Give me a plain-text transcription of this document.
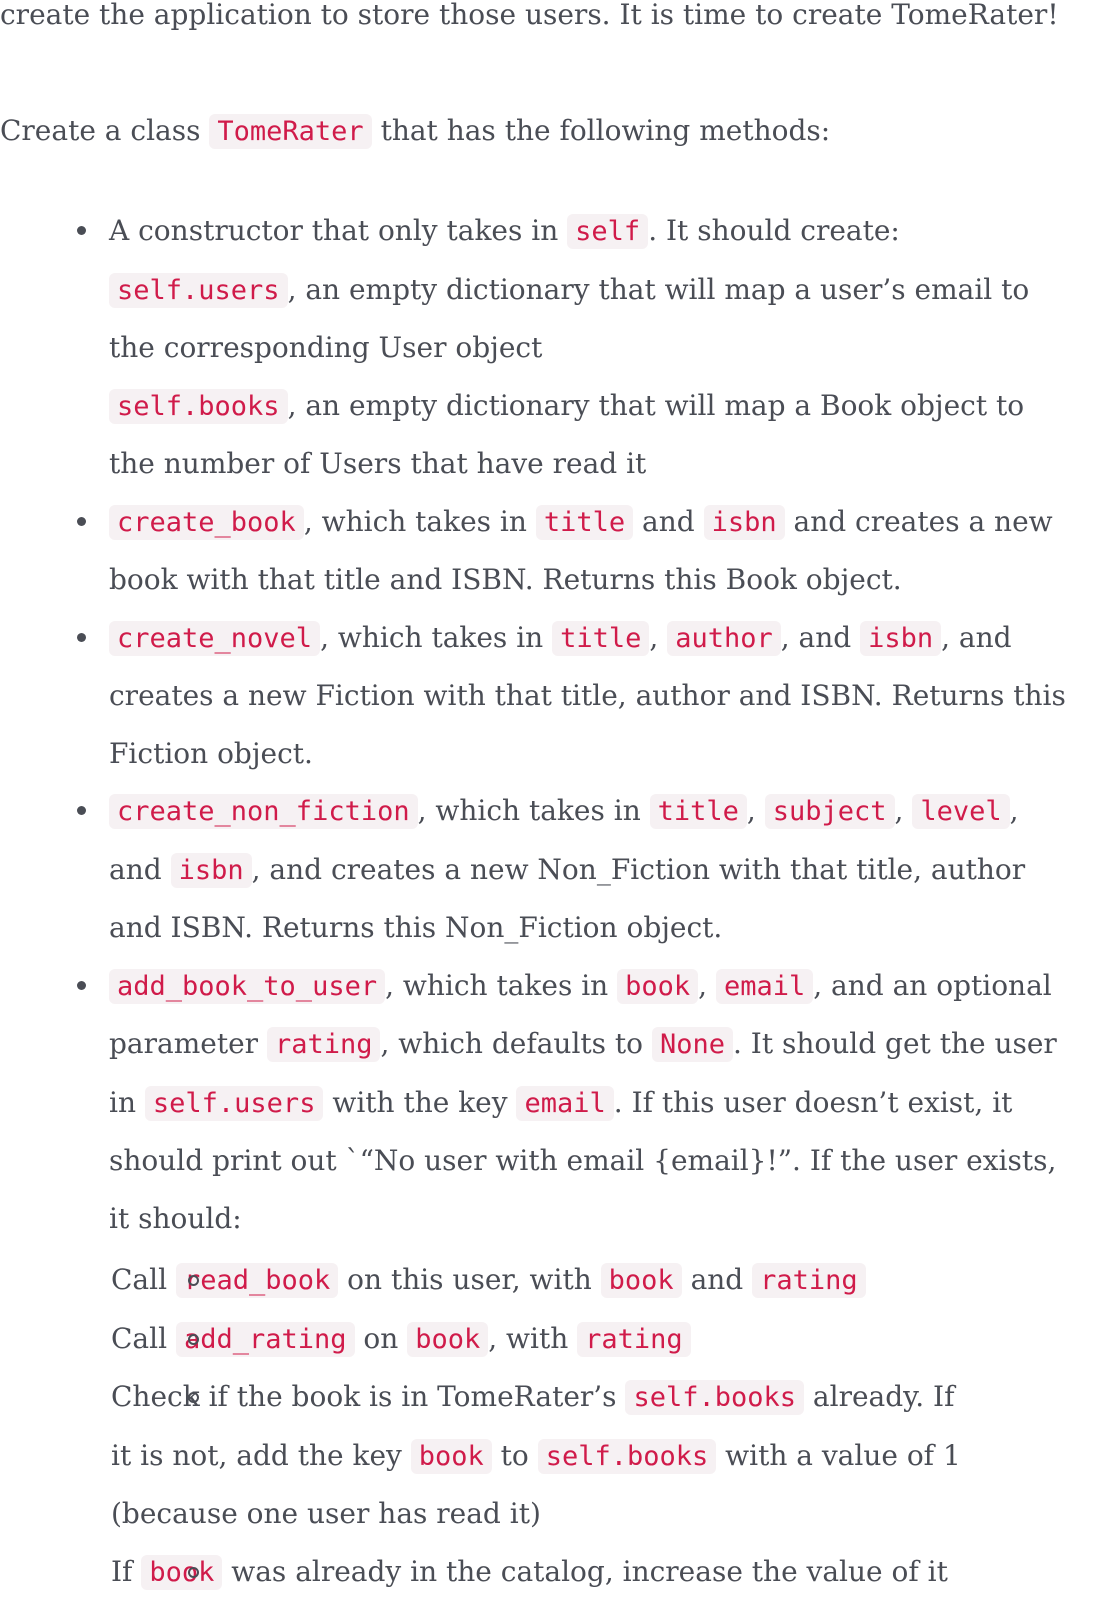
create the application to store those users. It is time to create TomeRater!

Create a class TomeRater that has the following methods:

A constructor that only takes in self . It should create:
self.users , an empty dictionary that will map a user’s email to
the corresponding User object
self.books , an empty dictionary that will map a Book object to
the number of Users that have read it
create_book , which takes in title and isbn and creates a new
book with that title and ISBN. Returns this Book object.
create_novel , which takes in title , author , and isbn , and
creates a new Fiction with that title, author and ISBN. Returns this
Fiction object.
create_non_fiction , which takes in title , subject , level ,
and isbn , and creates a new Non_Fiction with that title, author
and ISBN. Returns this Non_Fiction object.
add_book_to_user , which takes in book , email , and an optional
parameter rating , which defaults to None . It should get the user
in self.users with the key email . If this user doesn’t exist, it
should print out `“No user with email {email}!”. If the user exists,
it should:
Call read_book on this user, with book and rating
Call add_rating on book , with rating
Check if the book is in TomeRater’s self.books already. If
it is not, add the key book to self.books with a value of 1
(because one user has read it)
If book was already in the catalog, increase the value of it
